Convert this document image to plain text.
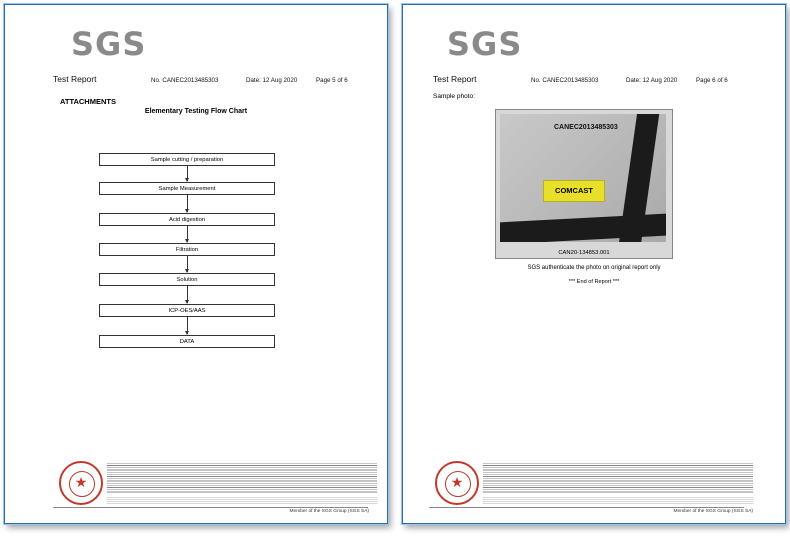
SGS
Test Report	No. CANEC2013485303	Date: 12 Aug 2020	Page 5 of 6
ATTACHMENTS
Elementary Testing Flow Chart
Sample cutting / preparation
Sample Measurement
Acid digestion
Filtration
Solution
ICP-OES/AAS
DATA
★
Member of the SGS Group (SGS SA)
SGS
Test Report	No. CANEC2013485303	Date: 12 Aug 2020	Page 6 of 6
Sample photo:
COMCAST
CANEC2013485303
CAN20-134853.001
SGS authenticate the photo on original report only
*** End of Report ***
★
Member of the SGS Group (SGS SA)
